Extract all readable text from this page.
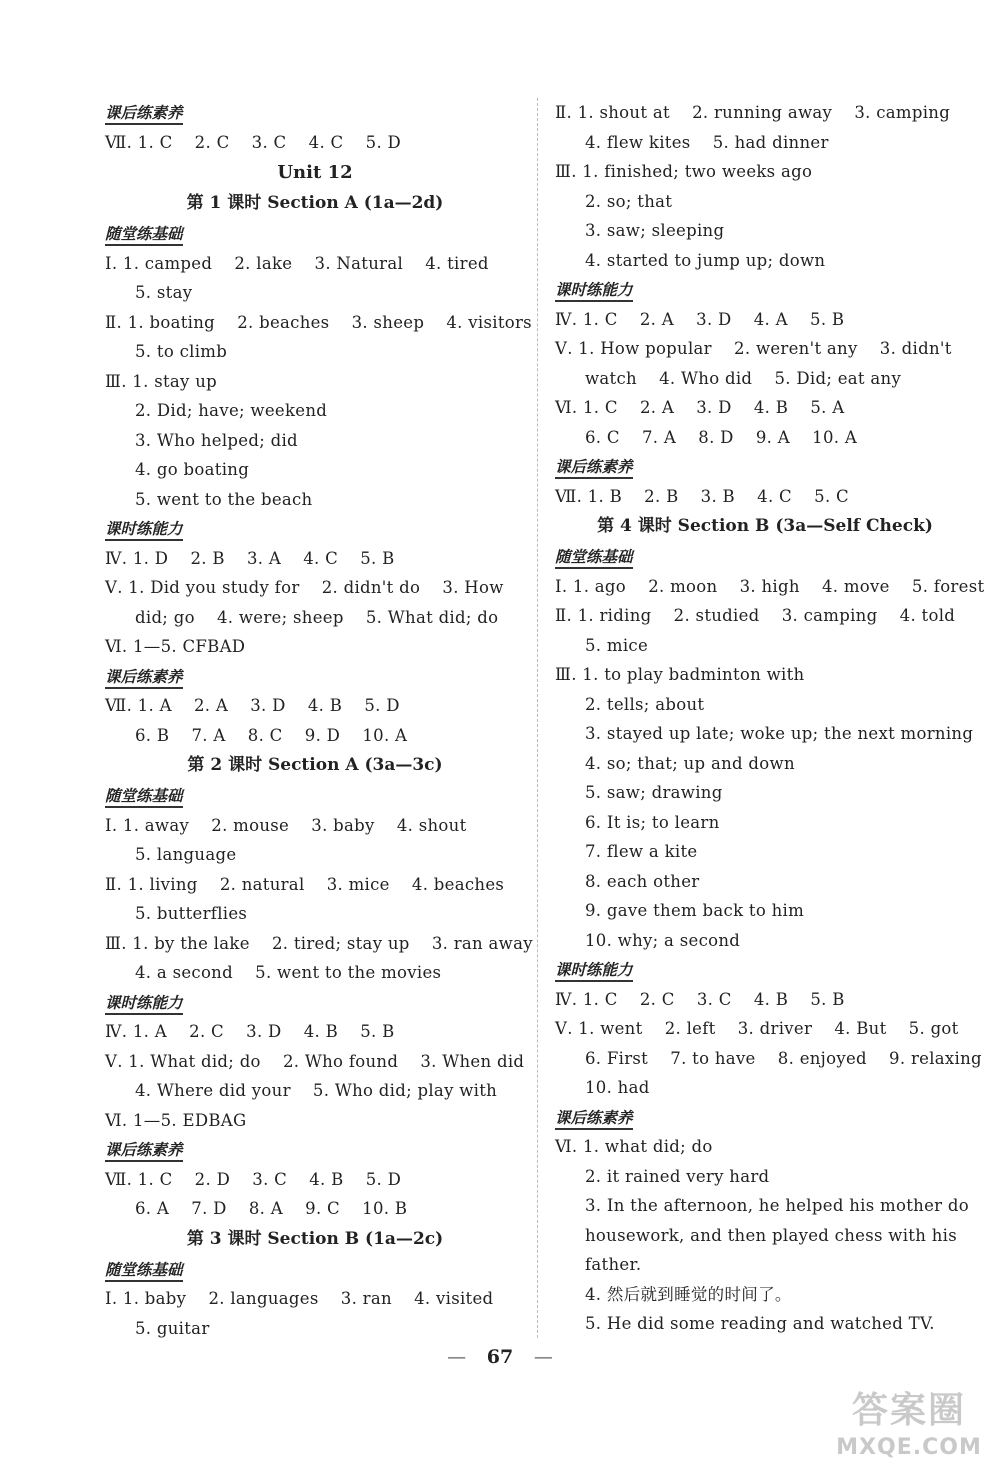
课后练素养
Ⅶ. 1. C    2. C    3. C    4. C    5. D
Unit 12
第 1 课时 Section A (1a—2d)
随堂练基础
Ⅰ. 1. camped    2. lake    3. Natural    4. tired
5. stay
Ⅱ. 1. boating    2. beaches    3. sheep    4. visitors
5. to climb
Ⅲ. 1. stay up
2. Did; have; weekend
3. Who helped; did
4. go boating
5. went to the beach
课时练能力
Ⅳ. 1. D    2. B    3. A    4. C    5. B
Ⅴ. 1. Did you study for    2. didn't do    3. How
did; go    4. were; sheep    5. What did; do
Ⅵ. 1—5. CFBAD
课后练素养
Ⅶ. 1. A    2. A    3. D    4. B    5. D
6. B    7. A    8. C    9. D    10. A
第 2 课时 Section A (3a—3c)
随堂练基础
Ⅰ. 1. away    2. mouse    3. baby    4. shout
5. language
Ⅱ. 1. living    2. natural    3. mice    4. beaches
5. butterflies
Ⅲ. 1. by the lake    2. tired; stay up    3. ran away
4. a second    5. went to the movies
课时练能力
Ⅳ. 1. A    2. C    3. D    4. B    5. B
Ⅴ. 1. What did; do    2. Who found    3. When did
4. Where did your    5. Who did; play with
Ⅵ. 1—5. EDBAG
课后练素养
Ⅶ. 1. C    2. D    3. C    4. B    5. D
6. A    7. D    8. A    9. C    10. B
第 3 课时 Section B (1a—2c)
随堂练基础
Ⅰ. 1. baby    2. languages    3. ran    4. visited
5. guitar
Ⅱ. 1. shout at    2. running away    3. camping
4. flew kites    5. had dinner
Ⅲ. 1. finished; two weeks ago
2. so; that
3. saw; sleeping
4. started to jump up; down
课时练能力
Ⅳ. 1. C    2. A    3. D    4. A    5. B
Ⅴ. 1. How popular    2. weren't any    3. didn't
watch    4. Who did    5. Did; eat any
Ⅵ. 1. C    2. A    3. D    4. B    5. A
6. C    7. A    8. D    9. A    10. A
课后练素养
Ⅶ. 1. B    2. B    3. B    4. C    5. C
第 4 课时 Section B (3a—Self Check)
随堂练基础
Ⅰ. 1. ago    2. moon    3. high    4. move    5. forest
Ⅱ. 1. riding    2. studied    3. camping    4. told
5. mice
Ⅲ. 1. to play badminton with
2. tells; about
3. stayed up late; woke up; the next morning
4. so; that; up and down
5. saw; drawing
6. It is; to learn
7. flew a kite
8. each other
9. gave them back to him
10. why; a second
课时练能力
Ⅳ. 1. C    2. C    3. C    4. B    5. B
Ⅴ. 1. went    2. left    3. driver    4. But    5. got
6. First    7. to have    8. enjoyed    9. relaxing
10. had
课后练素养
Ⅵ. 1. what did; do
2. it rained very hard
3. In the afternoon, he helped his mother do
housework, and then played chess with his
father.
4. 然后就到睡觉的时间了。
5. He did some reading and watched TV.
— 67 —
答案圈
MXQE.COM
